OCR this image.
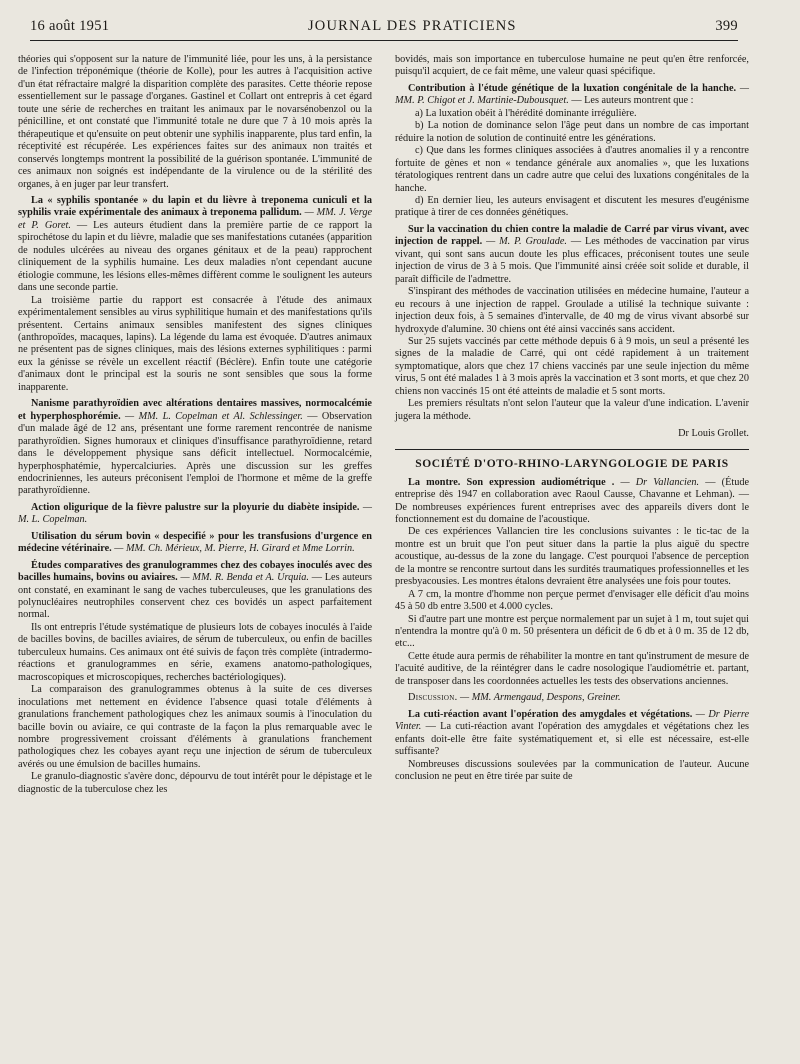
16 août 1951	JOURNAL DES PRATICIENS	399

théories qui s'opposent sur la nature de l'immunité liée, pour les uns, à la persistance de l'infection tréponémique (théorie de Kolle), pour les autres à l'acquisition active d'un état réfractaire malgré la disparition complète des parasites. Cette théorie repose essentiellement sur le passage d'organes. Gastinel et Collart ont entrepris à cet égard toute une série de recherches en traitant les animaux par le novarsénobenzol ou la pénicilline, et ont constaté que l'immunité totale ne dure que 7 à 10 mois après la thérapeutique et qu'ensuite on peut obtenir une syphilis inapparente, plus tard enfin, la réceptivité est récupérée. Les expériences faites sur des animaux non traités et conservés longtemps montrent la possibilité de la guérison spontanée. L'immunité de ces animaux non soignés est indépendante de la virulence ou de la stérilité des organes, à en juger par leur transfert.

La « syphilis spontanée » du lapin et du lièvre à treponema cuniculi et la syphilis vraie expérimentale des animaux à treponema pallidum. — MM. J. Verge et P. Goret. — Les auteurs étudient dans la première partie de ce rapport la spirochétose du lapin et du lièvre, maladie que ses manifestations cutanées (apparition de nodules ulcérées au niveau des organes génitaux et de la peau) rapprochent cliniquement de la syphilis humaine. Les deux maladies n'ont cependant aucune étiologie commune, les lésions elles-mêmes diffèrent comme le soulignent les auteurs dans une seconde partie.

La troisième partie du rapport est consacrée à l'étude des animaux expérimentalement sensibles au virus syphilitique humain et des manifestations qu'ils présentent. Certains animaux sensibles manifestent des signes cliniques (anthropoïdes, macaques, lapins). La légende du lama est évoquée. D'autres animaux ne présentent pas de signes cliniques, mais des lésions externes syphilitiques : parmi eux la génisse se révèle un excellent réactif (Béclère). Enfin toute une catégorie d'animaux dont le principal est la souris ne sont sensibles que sous la forme inapparente.

Nanisme parathyroïdien avec altérations dentaires massives, normocalcémie et hyperphosphorémie. — MM. L. Copelman et Al. Schlessinger. — Observation d'un malade âgé de 12 ans, présentant une forme rarement rencontrée de nanisme parathyroïdien. Signes humoraux et cliniques d'insuffisance parathyroïdienne, retard dans le développement physique sans déficit intellectuel. Normocalcémie, hyperphosphatémie, hypercalciuries. Après une discussion sur les greffes endocriniennes, les auteurs préconisent l'emploi de l'hormone et même de la greffe parathyroïdienne.

Action oligurique de la fièvre palustre sur la ployurie du diabète insipide. — M. L. Copelman.

Utilisation du sérum bovin « despecifié » pour les transfusions d'urgence en médecine vétérinaire. — MM. Ch. Mérieux, M. Pierre, H. Girard et Mme Lorrin.

Études comparatives des granulogrammes chez des cobayes inoculés avec des bacilles humains, bovins ou aviaires. — MM. R. Benda et A. Urquia. — Les auteurs ont constaté, en examinant le sang de vaches tuberculeuses, que les granulations des polynucléaires neutrophiles conservent chez ces bovidés un aspect parfaitement normal.

Ils ont entrepris l'étude systématique de plusieurs lots de cobayes inoculés à l'aide de bacilles bovins, de bacilles aviaires, de sérum de tuberculeux, ou enfin de bacilles tuberculeux humains. Ces animaux ont été suivis de façon très complète (intradermo-réactions et granulogrammes en série, examens anatomo-pathologiques, macroscopiques et microscopiques, recherches bactériologiques).

La comparaison des granulogrammes obtenus à la suite de ces diverses inoculations met nettement en évidence l'absence quasi totale d'éléments à granulations franchement pathologiques chez les animaux soumis à l'inoculation du bacille bovin ou aviaire, ce qui contraste de la façon la plus remarquable avec le nombre progressivement croissant d'éléments à granulations franchement pathologiques chez les cobayes ayant reçu une injection de sérum de tuberculeux avérés ou une émulsion de bacilles humains.

Le granulo-diagnostic s'avère donc, dépourvu de tout intérêt pour le dépistage et le diagnostic de la tuberculose chez les

bovidés, mais son importance en tuberculose humaine ne peut qu'en être renforcée, puisqu'il acquiert, de ce fait même, une valeur quasi spécifique.

Contribution à l'étude génétique de la luxation congénitale de la hanche. — MM. P. Chigot et J. Martinie-Dubousquet. — Les auteurs montrent que :

a) La luxation obéit à l'hérédité dominante irrégulière.

b) La notion de dominance selon l'âge peut dans un nombre de cas important réduire la notion de solution de continuité entre les générations.

c) Que dans les formes cliniques associées à d'autres anomalies il y a rencontre fortuite de gènes et non « tendance générale aux anomalies », que les luxations tératologiques rentrent dans un cadre autre que celui des luxations congénitales de la hanche.

d) En dernier lieu, les auteurs envisagent et discutent les mesures d'eugénisme pratique à tirer de ces données génétiques.

Sur la vaccination du chien contre la maladie de Carré par virus vivant, avec injection de rappel. — M. P. Groulade. — Les méthodes de vaccination par virus vivant, qui sont sans aucun doute les plus efficaces, préconisent toutes une seule injection de virus de 3 à 5 mois. Que l'immunité ainsi créée soit solide et durable, il paraît difficile de l'admettre.

S'inspirant des méthodes de vaccination utilisées en médecine humaine, l'auteur a eu recours à une injection de rappel. Groulade a utilisé la technique suivante : injection deux fois, à 5 semaines d'intervalle, de 40 mg de virus vivant absorbé sur hydroxyde d'alumine. 30 chiens ont été ainsi vaccinés sans accident.

Sur 25 sujets vaccinés par cette méthode depuis 6 à 9 mois, un seul a présenté les signes de la maladie de Carré, qui ont cédé rapidement à un traitement symptomatique, alors que chez 17 chiens vaccinés par une seule injection du même virus, 5 ont été malades 1 à 3 mois après la vaccination et 3 sont morts, et que chez 20 chiens non vaccinés 15 ont été atteints de maladie et 5 sont morts.

Les premiers résultats n'ont selon l'auteur que la valeur d'une indication. L'avenir jugera la méthode.

Dr Louis Grollet.

SOCIÉTÉ D'OTO-RHINO-LARYNGOLOGIE DE PARIS

La montre. Son expression audiométrique . — Dr Vallancien. — (Étude entreprise dès 1947 en collaboration avec Raoul Causse, Chavanne et Lehman). — De nombreuses expériences furent entreprises avec des appareils divers dont le fonctionnement est du domaine de l'acoustique.

De ces expériences Vallancien tire les conclusions suivantes : le tic-tac de la montre est un bruit que l'on peut situer dans la partie la plus aiguë du spectre acoustique, au-dessus de la zone du langage. C'est pourquoi l'absence de perception de la montre se rencontre surtout dans les surdités traumatiques professionnelles et les presbyacousies. Les montres étalons devraient être analysées une fois pour toutes.

A 7 cm, la montre d'homme non perçue permet d'envisager elle déficit d'au moins 45 à 50 db entre 3.500 et 4.000 cycles.

Si d'autre part une montre est perçue normalement par un sujet à 1 m, tout sujet qui n'entendra la montre qu'à 0 m. 50 présentera un déficit de 6 db et à 0 m. 35 de 12 db, etc...

Cette étude aura permis de réhabiliter la montre en tant qu'instrument de mesure de l'acuité auditive, de la réintégrer dans le cadre nosologique l'audiométrie et. partant, de transposer dans les coordonnées actuelles les tests des observations anciennes.

Discussion. — MM. Armengaud, Despons, Greiner.

La cuti-réaction avant l'opération des amygdales et végétations. — Dr Pierre Vinter. — La cuti-réaction avant l'opération des amygdales et végétations chez les enfants doit-elle être faite systématiquement et, si elle est nécessaire, est-elle suffisante?

Nombreuses discussions soulevées par la communication de l'auteur. Aucune conclusion ne peut en être tirée par suite de
